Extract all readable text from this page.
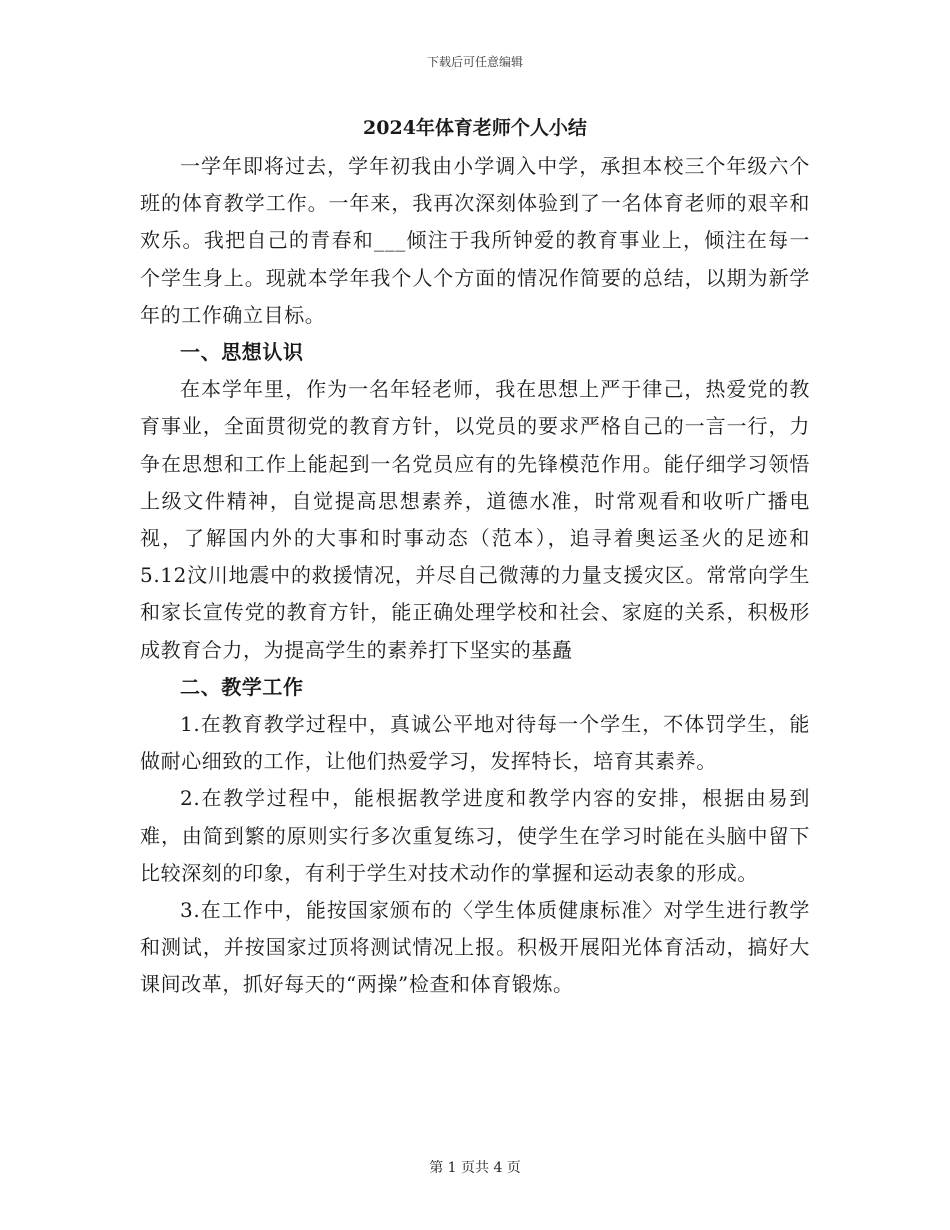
下载后可任意编辑
2024年体育老师个人小结

一学年即将过去，学年初我由小学调入中学，承担本校三个年级六个班的体育教学工作。一年来，我再次深刻体验到了一名体育老师的艰辛和欢乐。我把自己的青春和___倾注于我所钟爱的教育事业上，倾注在每一个学生身上。现就本学年我个人个方面的情况作简要的总结，以期为新学年的工作确立目标。

一、思想认识

在本学年里，作为一名年轻老师，我在思想上严于律己，热爱党的教育事业，全面贯彻党的教育方针，以党员的要求严格自己的一言一行，力争在思想和工作上能起到一名党员应有的先锋模范作用。能仔细学习领悟上级文件精神，自觉提高思想素养，道德水准，时常观看和收听广播电视，了解国内外的大事和时事动态（范本），追寻着奥运圣火的足迹和5.12汶川地震中的救援情况，并尽自己微薄的力量支援灾区。常常向学生和家长宣传党的教育方针，能正确处理学校和社会、家庭的关系，积极形成教育合力，为提高学生的素养打下坚实的基矗

二、教学工作

1.在教育教学过程中，真诚公平地对待每一个学生，不体罚学生，能做耐心细致的工作，让他们热爱学习，发挥特长，培育其素养。

2.在教学过程中，能根据教学进度和教学内容的安排，根据由易到难，由简到繁的原则实行多次重复练习，使学生在学习时能在头脑中留下比较深刻的印象，有利于学生对技术动作的掌握和运动表象的形成。

3.在工作中，能按国家颁布的〈学生体质健康标准〉对学生进行教学和测试，并按国家过顶将测试情况上报。积极开展阳光体育活动，搞好大课间改革，抓好每天的“两操”检查和体育锻炼。

第 1 页共 4 页
